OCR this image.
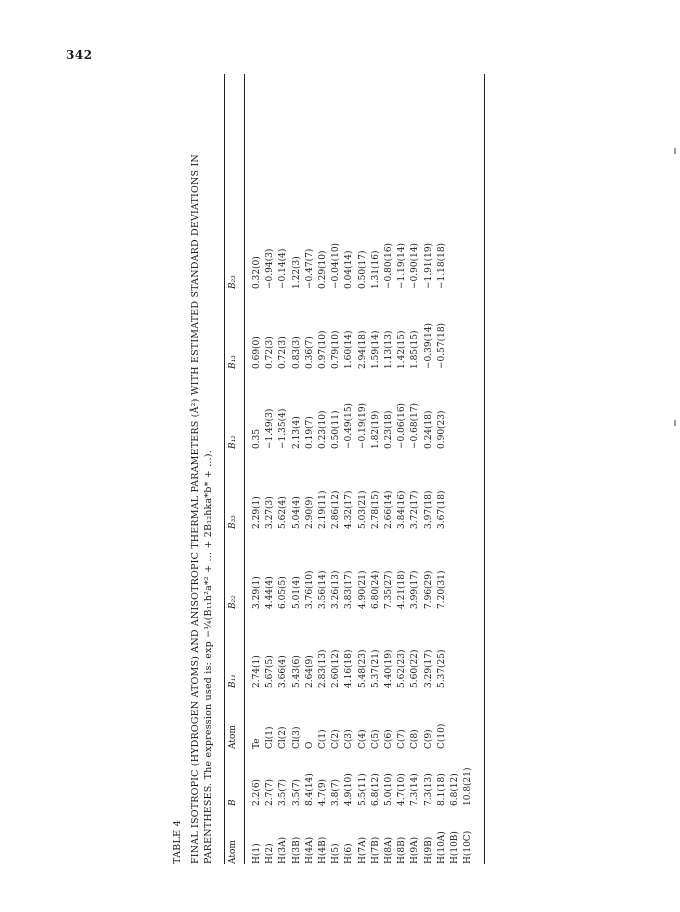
342
TABLE 4 FINAL ISOTROPIC (HYDROGEN ATOMS) AND ANISOTROPIC THERMAL PARAMETERS (Å²) WITH ESTIMATED STANDARD DEVIATIONS IN PARENTHESES. The expression used is: exp −¼(B₁₁h²a*² + ... + 2B₁₂hka*b* + ...). Atom
B
Atom
B₁₁
B₂₂
B₃₃
B₁₂
B₁₃
B₂₃
H(1) H(2) H(3A) H(3B) H(4A) H(4B) H(5) H(6) H(7A) H(7B) H(8A) H(8B) H(9A) H(9B) H(10A) H(10B) H(10C)
2.2(6) 2.7(7) 3.5(7) 3.5(7) 8.4(14) 4.7(9) 3.8(7) 4.9(10) 5.5(11) 6.8(12) 5.0(10) 4.7(10) 7.3(14) 7.3(13) 8.1(18) 6.8(12) 10.8(21)
Te Cl(1) Cl(2) Cl(3) O C(1) C(2) C(3) C(4) C(5) C(6) C(7) C(8) C(9) C(10)
2.74(1) 5.67(5) 3.66(4) 5.43(6) 2.64(9) 2.83(13) 2.60(12) 4.16(18) 5.48(23) 5.37(21) 4.40(19) 5.62(23) 5.60(22) 3.29(17) 5.37(25)
3.29(1) 4.44(4) 6.05(5) 5.01(4) 3.76(10) 3.56(14) 3.26(13) 3.83(17) 4.90(21) 6.80(24) 7.35(27) 4.21(18) 3.99(17) 7.96(29) 7.20(31)
2.29(1) 3.27(3) 5.62(4) 5.04(4) 2.90(9) 2.19(11) 2.86(12) 4.32(17) 5.03(21) 2.78(15) 2.66(14) 3.84(16) 3.72(17) 3.97(18) 3.67(18)
0.35 −1.49(3) −1.35(4) 2.13(4) 0.19(7) 0.23(10) 0.50(11) −0.49(15) −0.19(19) 1.82(19) 0.23(18) −0.06(16) −0.68(17) 0.24(18) 0.90(23)
0.69(0) 0.72(3) 0.72(3) 0.83(3) 0.36(7) 0.97(10) 0.79(10) 1.60(14) 2.94(18) 1.59(14) 1.13(13) 1.42(15) 1.85(15) −0.39(14) −0.57(18)
0.32(0) −0.94(3) −0.14(4) 1.22(3) −0.47(7) 0.29(10) −0.04(10) 0.04(14) 0.50(17) 1.31(16) −0.80(16) −1.19(14) −0.90(14) −1.91(19) −1.18(18)
